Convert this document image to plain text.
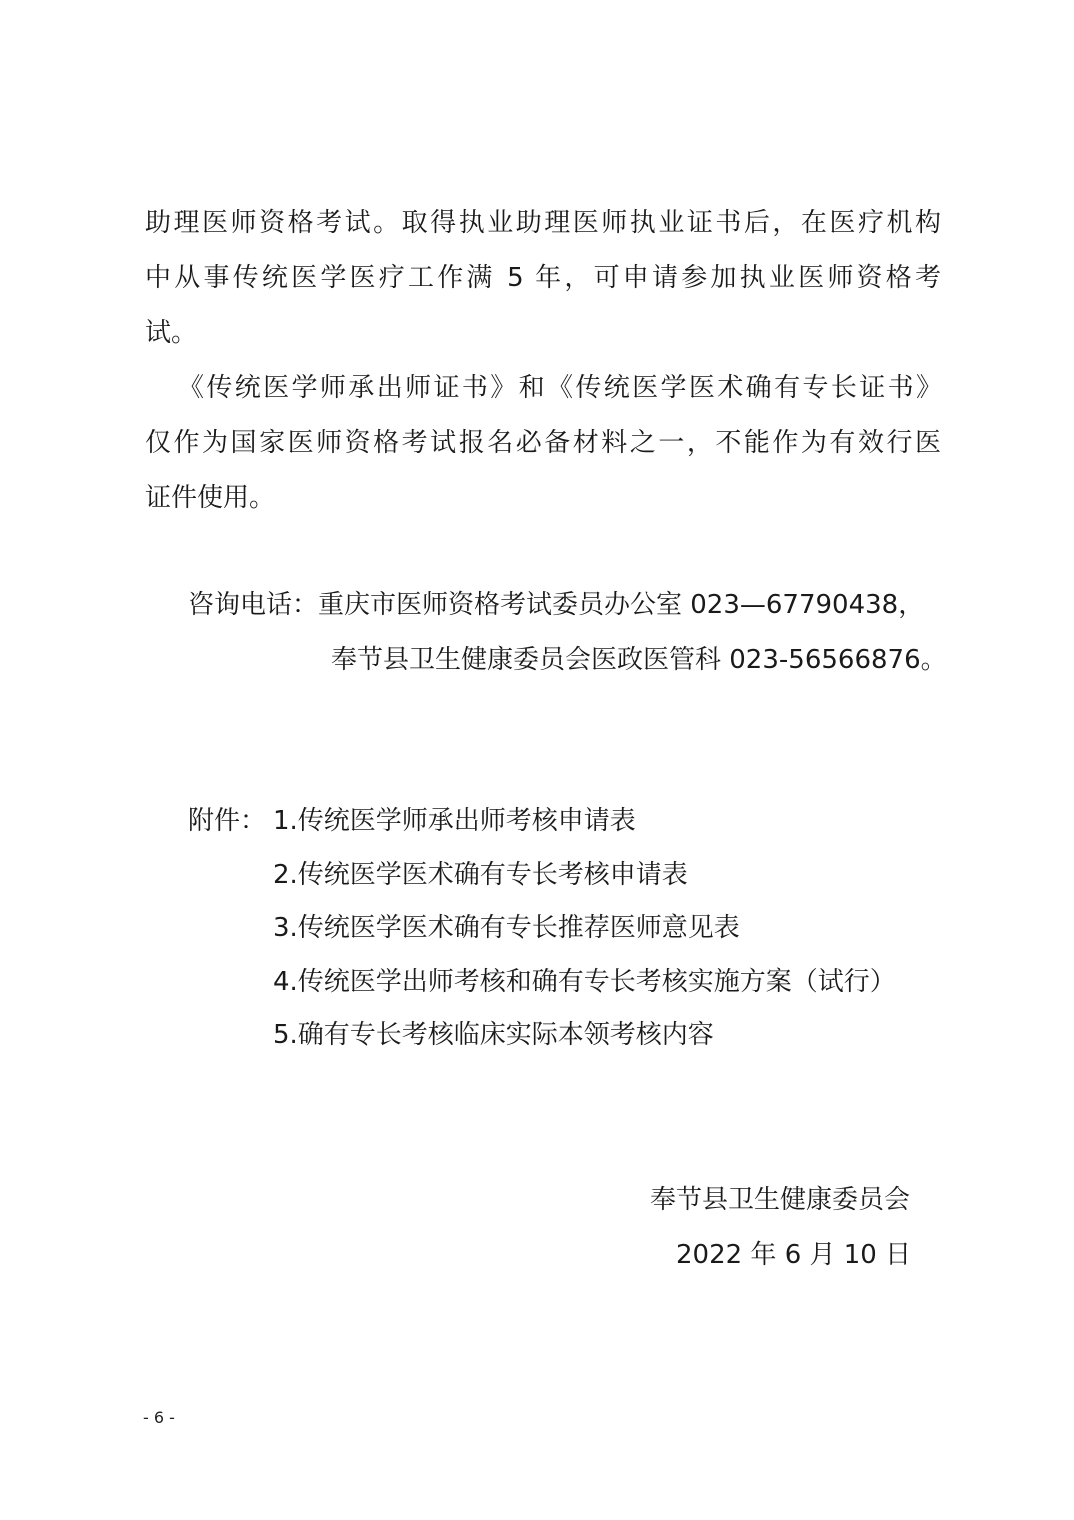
助理医师资格考试。取得执业助理医师执业证书后，在医疗机构
中从事传统医学医疗工作满 5 年，可申请参加执业医师资格考
试。
《传统医学师承出师证书》和《传统医学医术确有专长证书》
仅作为国家医师资格考试报名必备材料之一，不能作为有效行医
证件使用。
咨询电话：重庆市医师资格考试委员办公室 023—67790438，
奉节县卫生健康委员会医政医管科 023-56566876。
附件： 1.传统医学师承出师考核申请表
2.传统医学医术确有专长考核申请表
3.传统医学医术确有专长推荐医师意见表
4.传统医学出师考核和确有专长考核实施方案（试行）
5.确有专长考核临床实际本领考核内容
奉节县卫生健康委员会
2022 年 6 月 10 日
- 6 -
